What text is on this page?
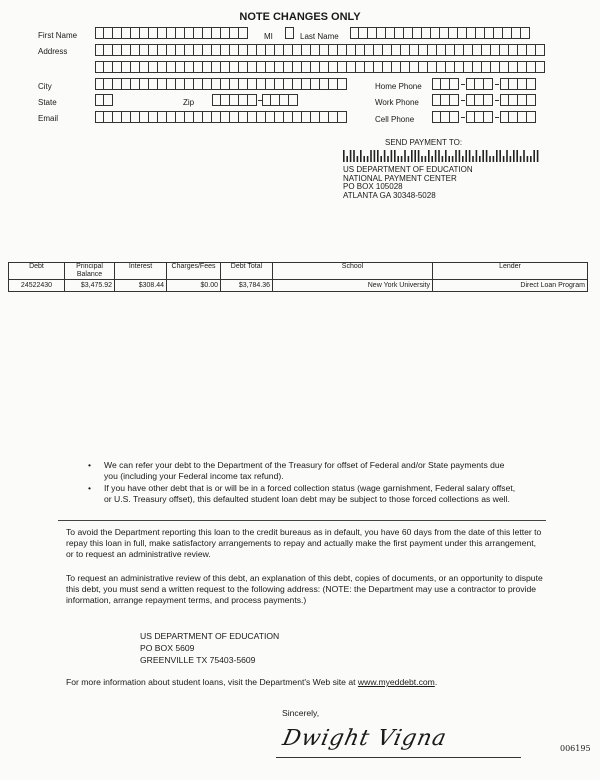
NOTE CHANGES ONLY
First Name	MI	Last Name
Address
City
State	Zip
Email
Home Phone
Work Phone
Cell Phone
SEND PAYMENT TO:
US DEPARTMENT OF EDUCATION
NATIONAL PAYMENT CENTER
PO BOX 105028
ATLANTA GA 30348-5028
Debt	Principal Balance	Interest	Charges/Fees	Debt Total	School	Lender
24522430	$3,475.92	$308.44	$0.00	$3,784.36	New York University	Direct Loan Program
• We can refer your debt to the Department of the Treasury for offset of Federal and/or State payments due you (including your Federal income tax refund).
• If you have other debt that is or will be in a forced collection status (wage garnishment, Federal salary offset, or U.S. Treasury offset), this defaulted student loan debt may be subject to those forced collections as well.
To avoid the Department reporting this loan to the credit bureaus as in default, you have 60 days from the date of this letter to repay this loan in full, make satisfactory arrangements to repay and actually make the first payment under this arrangement, or to request an administrative review.
To request an administrative review of this debt, an explanation of this debt, copies of documents, or an opportunity to dispute this debt, you must send a written request to the following address: (NOTE: the Department may use a contractor to provide information, arrange repayment terms, and process payments.)
US DEPARTMENT OF EDUCATION
PO BOX 5609
GREENVILLE TX 75403-5609
For more information about student loans, visit the Department's Web site at www.myeddebt.com.
Sincerely,
Dwight Vigna	006195
